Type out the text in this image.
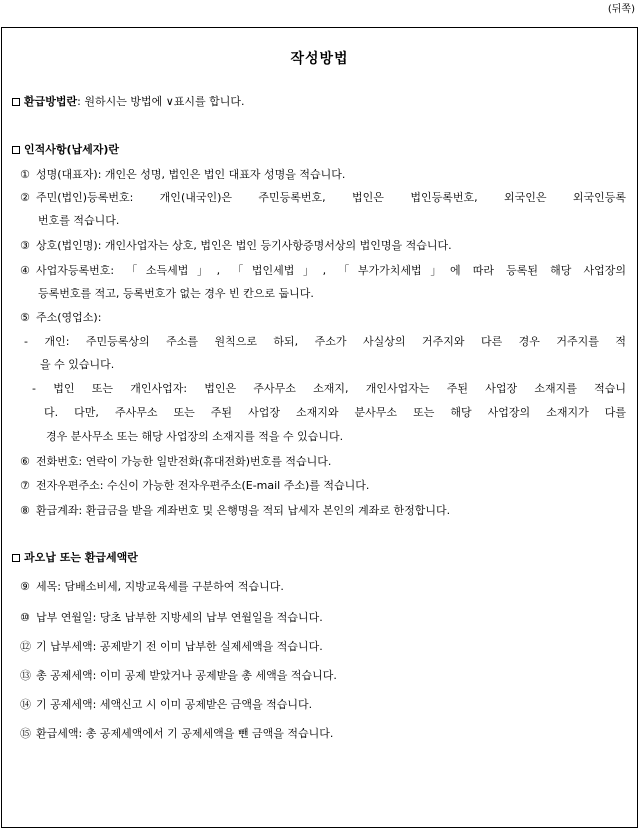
(뒤쪽)
작성방법
환급방법란: 원하시는 방법에 ∨표시를 합니다.
인적사항(납세자)란
① 성명(대표자): 개인은 성명, 법인은 법인 대표자 성명을 적습니다.
② 주민(법인)등록번호: 개인(내국인)은 주민등록번호, 법인은 법인등록번호, 외국인은 외국인등록
번호를 적습니다.
③ 상호(법인명): 개인사업자는 상호, 법인은 법인 등기사항증명서상의 법인명을 적습니다.
④ 사업자등록번호: 「소득세법」, 「법인세법」, 「부가가치세법」에 따라 등록된 해당 사업장의
등록번호를 적고, 등록번호가 없는 경우 빈 칸으로 둡니다.
⑤ 주소(영업소):
- 개인: 주민등록상의 주소를 원칙으로 하되, 주소가 사실상의 거주지와 다른 경우 거주지를 적
을 수 있습니다.
- 법인 또는 개인사업자: 법인은 주사무소 소재지, 개인사업자는 주된 사업장 소재지를 적습니
다. 다만, 주사무소 또는 주된 사업장 소재지와 분사무소 또는 해당 사업장의 소재지가 다를
경우 분사무소 또는 해당 사업장의 소재지를 적을 수 있습니다.
⑥ 전화번호: 연락이 가능한 일반전화(휴대전화)번호를 적습니다.
⑦ 전자우편주소: 수신이 가능한 전자우편주소(E-mail 주소)를 적습니다.
⑧ 환급계좌: 환급금을 받을 계좌번호 및 은행명을 적되 납세자 본인의 계좌로 한정합니다.
과오납 또는 환급세액란
⑨ 세목: 담배소비세, 지방교육세를 구분하여 적습니다.
⑩ 납부 연월일: 당초 납부한 지방세의 납부 연월일을 적습니다.
⑫ 기 납부세액: 공제받기 전 이미 납부한 실제세액을 적습니다.
⑬ 총 공제세액: 이미 공제 받았거나 공제받을 총 세액을 적습니다.
⑭ 기 공제세액: 세액신고 시 이미 공제받은 금액을 적습니다.
⑮ 환급세액: 총 공제세액에서 기 공제세액을 뺀 금액을 적습니다.
